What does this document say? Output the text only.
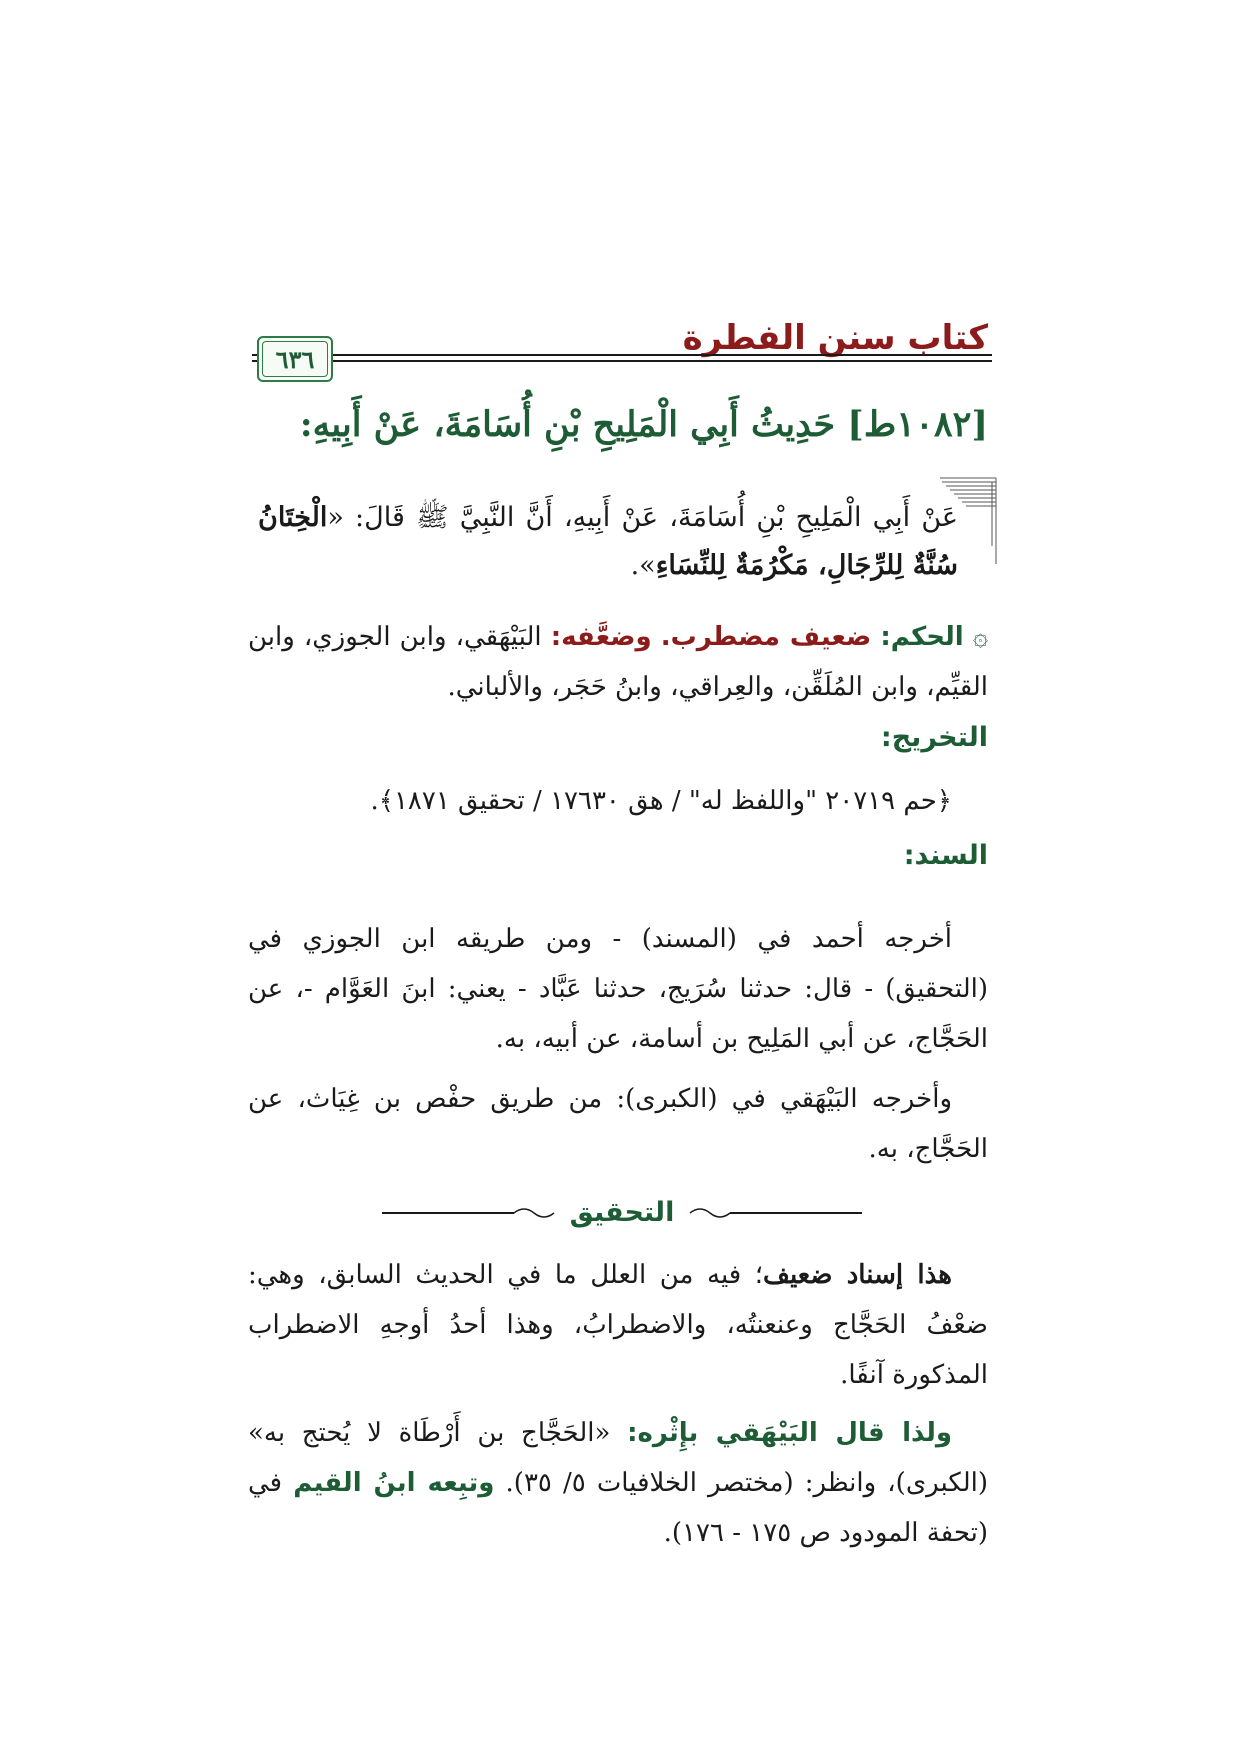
كتاب سنن الفطرة
٦٣٦
[١٠٨٢ط] حَدِيثُ أَبِي الْمَلِيحِ بْنِ أُسَامَةَ، عَنْ أَبِيهِ:
عَنْ أَبِي الْمَلِيحِ بْنِ أُسَامَةَ، عَنْ أَبِيهِ، أَنَّ النَّبِيَّ ﷺ قَالَ: «الْخِتَانُ سُنَّةٌ لِلرِّجَالِ، مَكْرُمَةٌ لِلنِّسَاءِ».
۞ الحكم: ضعيف مضطرب. وضعَّفه: البَيْهَقي، وابن الجوزي، وابن القيِّم، وابن المُلَقِّن، والعِراقي، وابنُ حَجَر، والألباني.
التخريج:
﴿حم ٢٠٧١٩ "واللفظ له" / هق ١٧٦٣٠ / تحقيق ١٨٧١﴾.
السند:
أخرجه أحمد في (المسند) - ومن طريقه ابن الجوزي في (التحقيق) - قال: حدثنا سُرَيج، حدثنا عَبَّاد - يعني: ابنَ العَوَّام -، عن الحَجَّاج، عن أبي المَلِيح بن أسامة، عن أبيه، به.
وأخرجه البَيْهَقي في (الكبرى): من طريق حفْص بن غِيَاث، عن الحَجَّاج، به.
التحقيق
هذا إسناد ضعيف؛ فيه من العلل ما في الحديث السابق، وهي: ضعْفُ الحَجَّاج وعنعنتُه، والاضطرابُ، وهذا أحدُ أوجهِ الاضطراب المذكورة آنفًا.
ولذا قال البَيْهَقي بإِثْره: «الحَجَّاج بن أَرْطَاة لا يُحتج به» (الكبرى)، وانظر: (مختصر الخلافيات ٥/ ٣٥). وتبِعه ابنُ القيم في (تحفة المودود ص ١٧٥ - ١٧٦).
